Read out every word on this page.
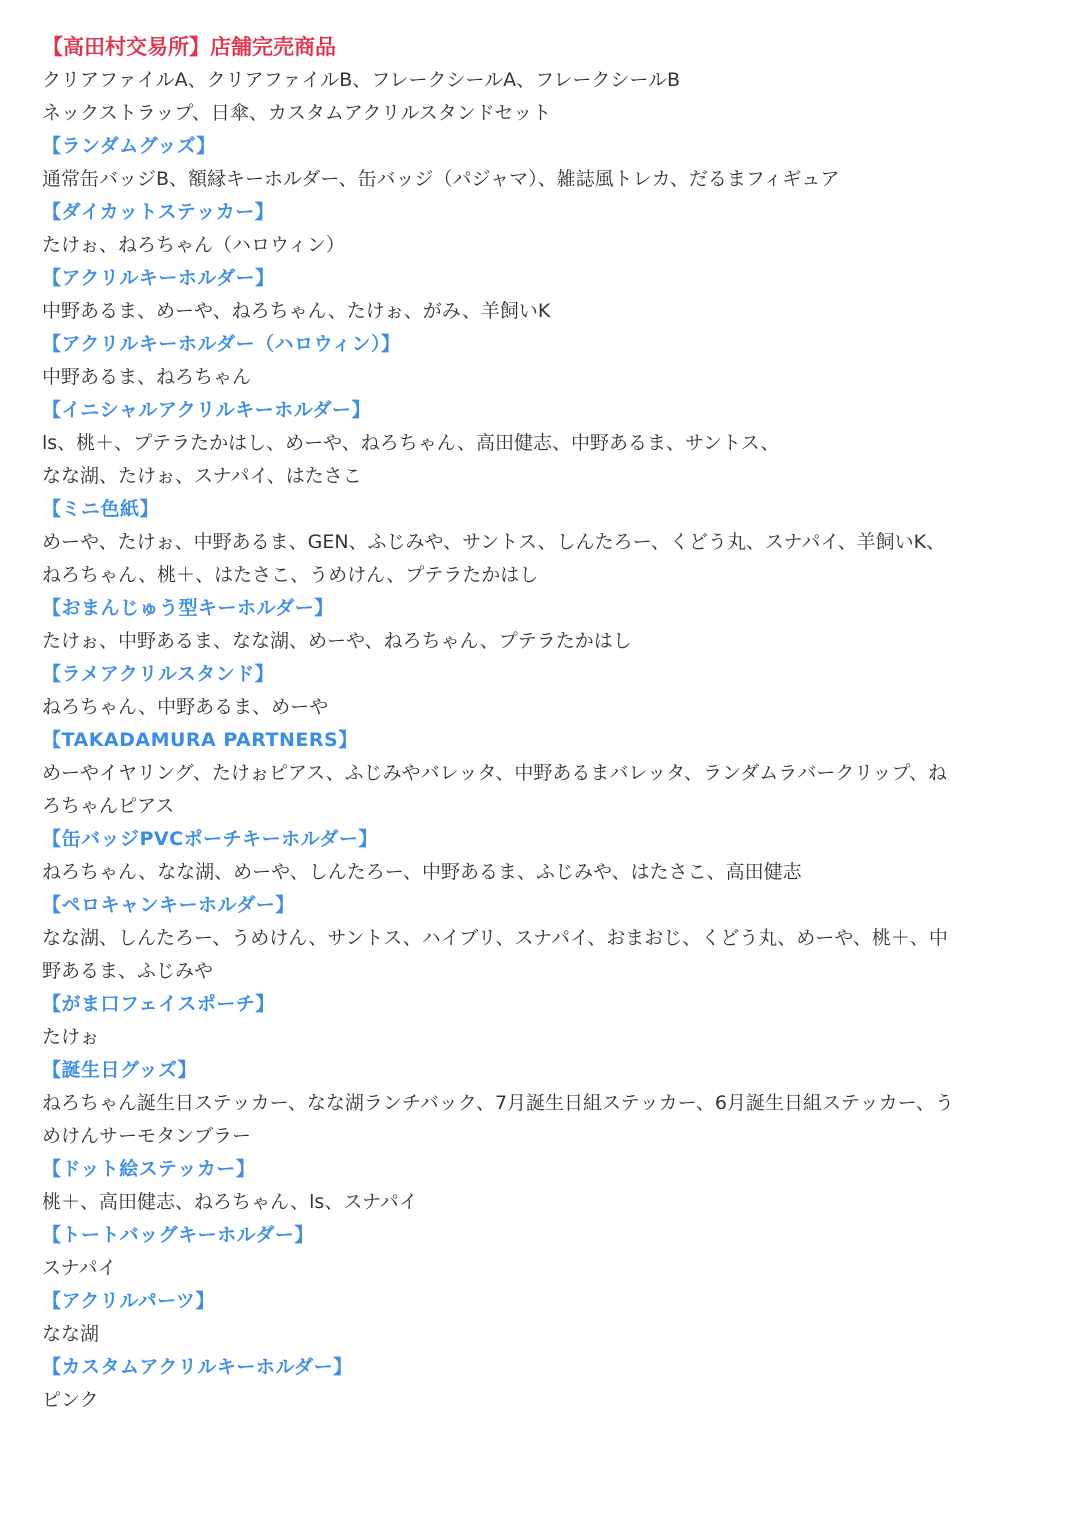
【高田村交易所】店舗完売商品
クリアファイルA、クリアファイルB、フレークシールA、フレークシールB
ネックストラップ、日傘、カスタムアクリルスタンドセット
【ランダムグッズ】
通常缶バッジB、額縁キーホルダー、缶バッジ（パジャマ）、雑誌風トレカ、だるまフィギュア
【ダイカットステッカー】
たけぉ、ねろちゃん（ハロウィン）
【アクリルキーホルダー】
中野あるま、めーや、ねろちゃん、たけぉ、がみ、羊飼いK
【アクリルキーホルダー（ハロウィン）】
中野あるま、ねろちゃん
【イニシャルアクリルキーホルダー】
ls、桃＋、プテラたかはし、めーや、ねろちゃん、高田健志、中野あるま、サントス、
なな湖、たけぉ、スナパイ、はたさこ
【ミニ色紙】
めーや、たけぉ、中野あるま、GEN、ふじみや、サントス、しんたろー、くどう丸、スナパイ、羊飼いK、
ねろちゃん、桃＋、はたさこ、うめけん、プテラたかはし
【おまんじゅう型キーホルダー】
たけぉ、中野あるま、なな湖、めーや、ねろちゃん、プテラたかはし
【ラメアクリルスタンド】
ねろちゃん、中野あるま、めーや
【TAKADAMURA PARTNERS】
めーやイヤリング、たけぉピアス、ふじみやバレッタ、中野あるまバレッタ、ランダムラバークリップ、ね
ろちゃんピアス
【缶バッジPVCポーチキーホルダー】
ねろちゃん、なな湖、めーや、しんたろー、中野あるま、ふじみや、はたさこ、高田健志
【ペロキャンキーホルダー】
なな湖、しんたろー、うめけん、サントス、ハイブリ、スナパイ、おまおじ、くどう丸、めーや、桃＋、中
野あるま、ふじみや
【がま口フェイスポーチ】
たけぉ
【誕生日グッズ】
ねろちゃん誕生日ステッカー、なな湖ランチバック、7月誕生日組ステッカー、6月誕生日組ステッカー、う
めけんサーモタンブラー
【ドット絵ステッカー】
桃＋、高田健志、ねろちゃん、ls、スナパイ
【トートバッグキーホルダー】
スナパイ
【アクリルパーツ】
なな湖
【カスタムアクリルキーホルダー】
ピンク
